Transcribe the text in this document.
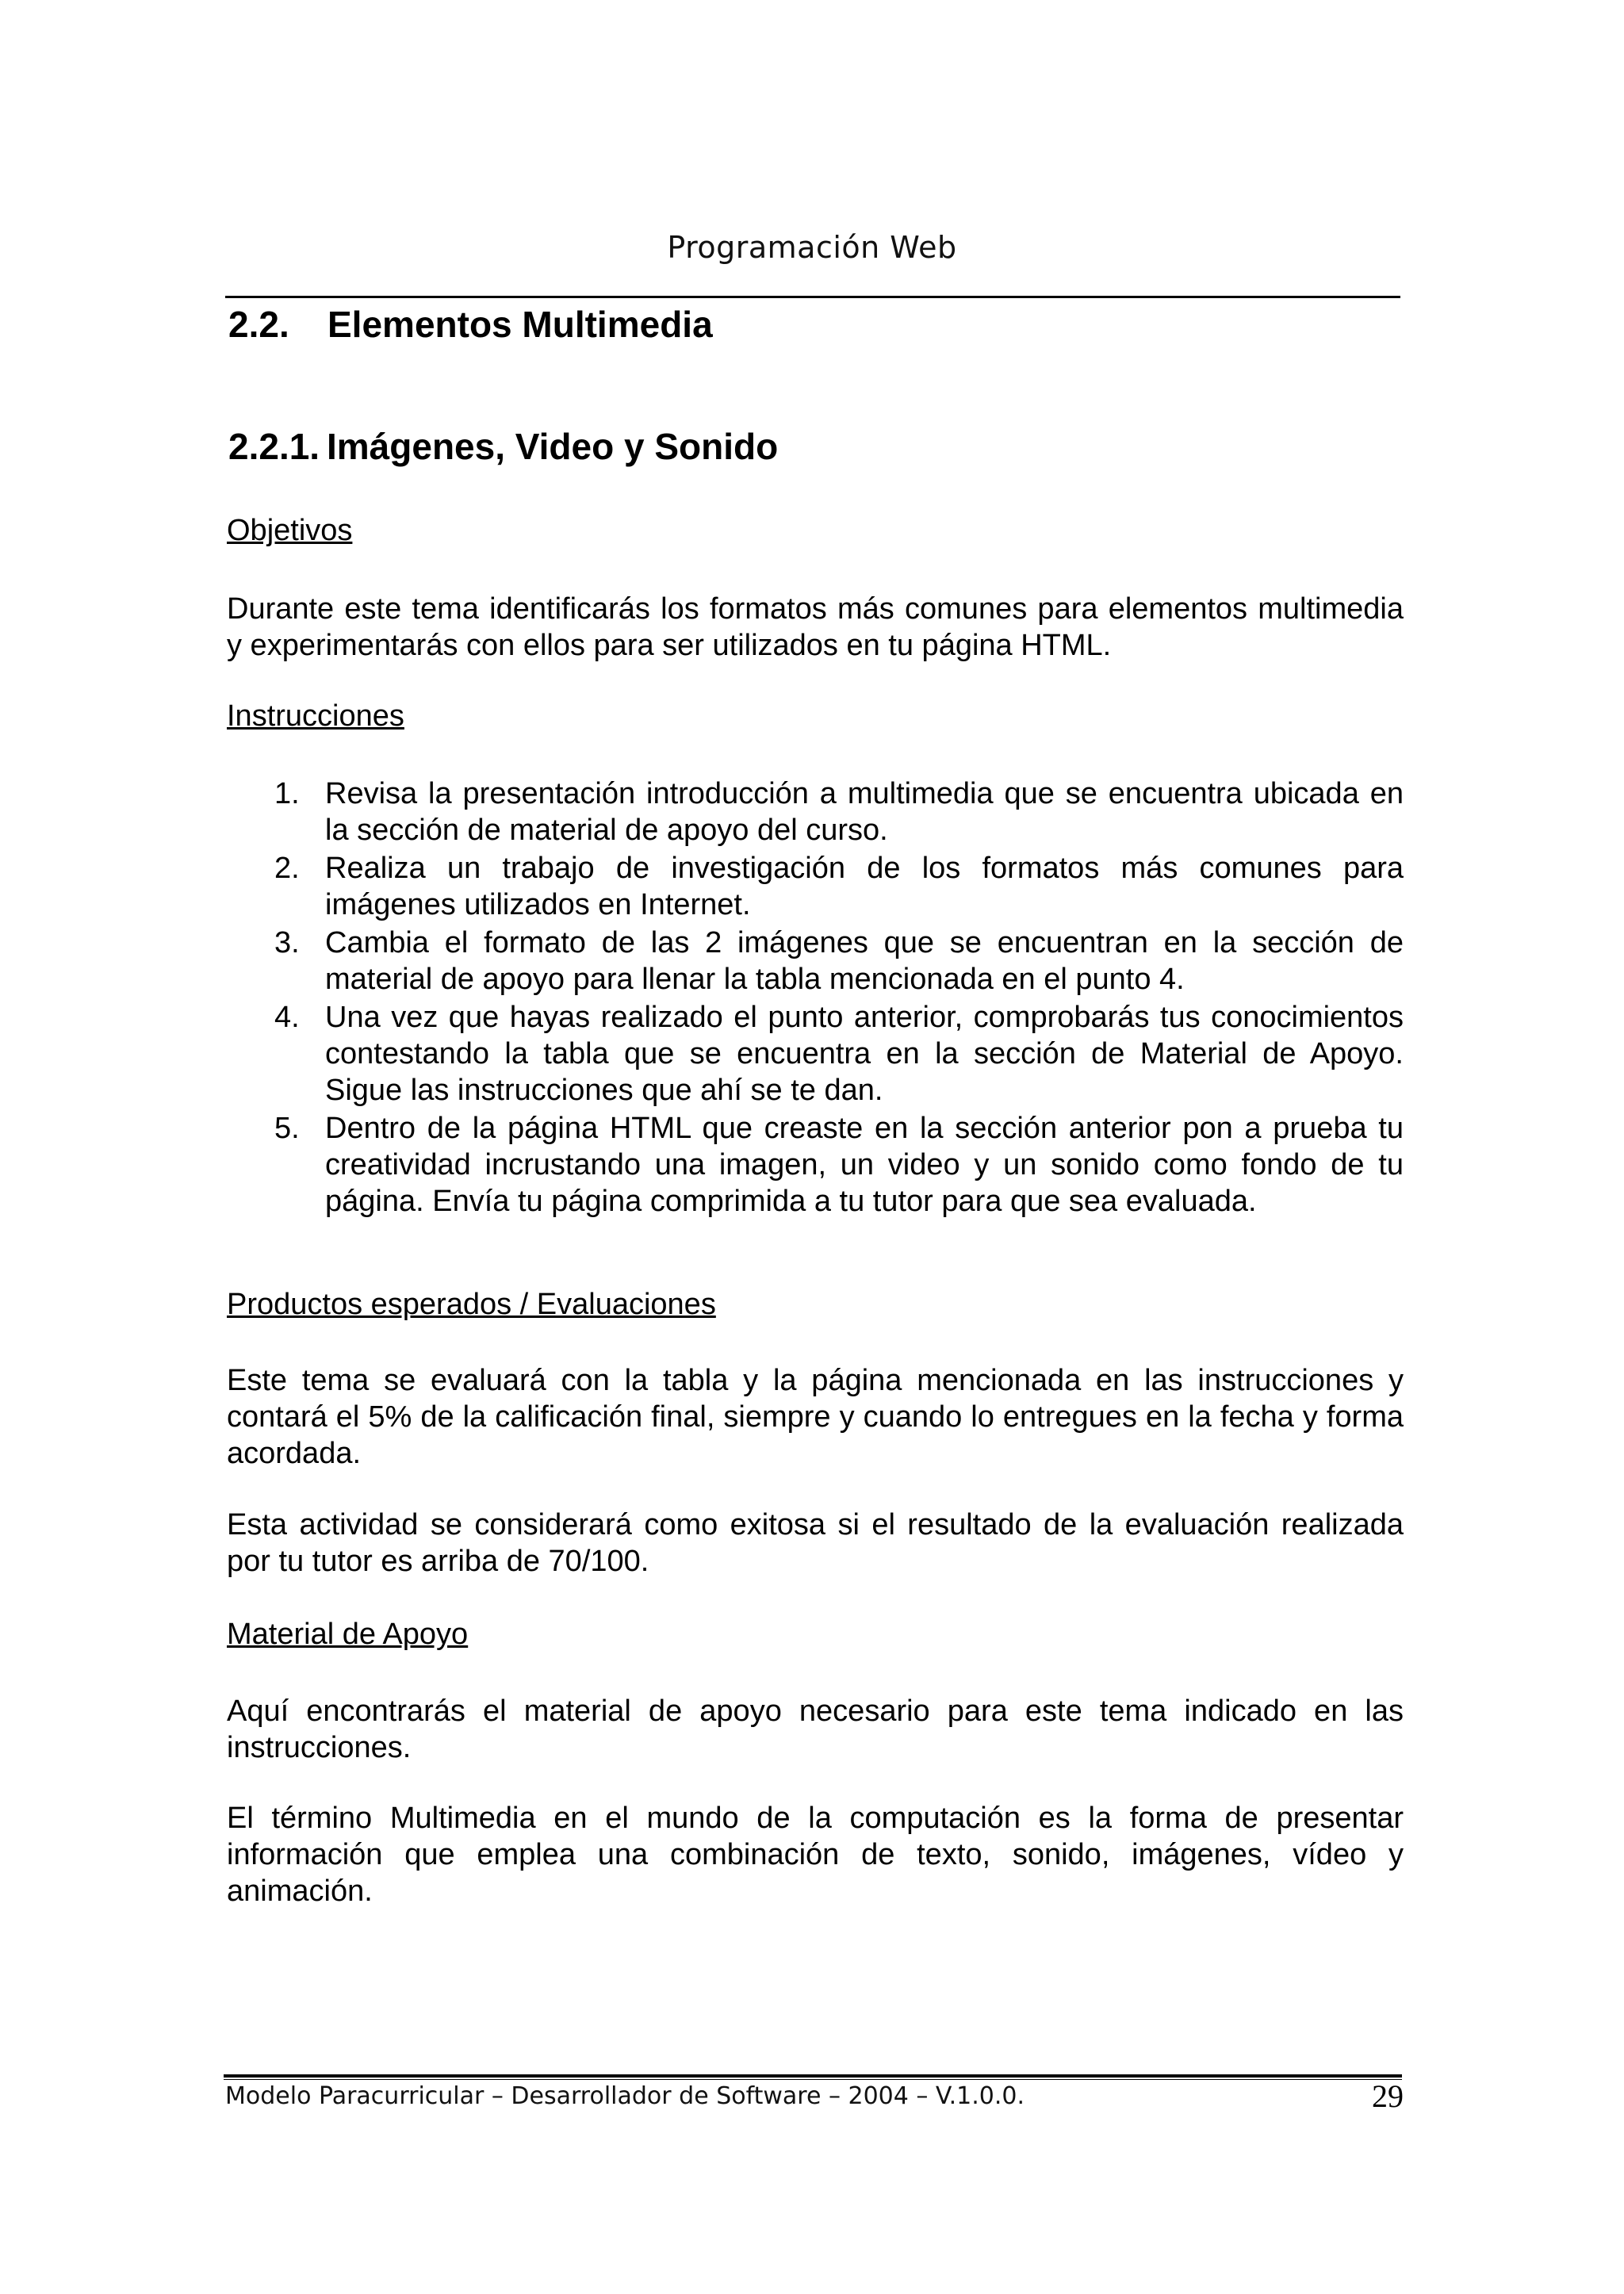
Programación Web
2.2. Elementos Multimedia
2.2.1. Imágenes, Video y Sonido
Objetivos
Durante este tema identificarás los formatos más comunes para elementos multimedia y experimentarás con ellos para ser utilizados en tu página HTML.
Instrucciones
1. Revisa la presentación introducción a multimedia que se encuentra ubicada en la sección de material de apoyo del curso.
2. Realiza un trabajo de investigación de los formatos más comunes para imágenes utilizados en Internet.
3. Cambia el formato de las 2 imágenes que se encuentran en la sección de material de apoyo para llenar la tabla mencionada en el punto 4.
4. Una vez que hayas realizado el punto anterior, comprobarás tus conocimientos contestando la tabla que se encuentra en la sección de Material de Apoyo. Sigue las instrucciones que ahí se te dan.
5. Dentro de la página HTML que creaste en la sección anterior pon a prueba tu creatividad incrustando una imagen, un video y un sonido como fondo de tu página. Envía tu página comprimida a tu tutor para que sea evaluada.
Productos esperados / Evaluaciones
Este tema se evaluará con la tabla y la página mencionada en las instrucciones y contará el 5% de la calificación final, siempre y cuando lo entregues en la fecha y forma acordada.
Esta actividad se considerará como exitosa si el resultado de la evaluación realizada por tu tutor es arriba de 70/100.
Material de Apoyo
Aquí encontrarás el material de apoyo necesario para este tema indicado en las instrucciones.
El término Multimedia en el mundo de la computación es la forma de presentar información que emplea una combinación de texto, sonido, imágenes, vídeo y animación.
Modelo Paracurricular – Desarrollador de Software – 2004 – V.1.0.0.	29
